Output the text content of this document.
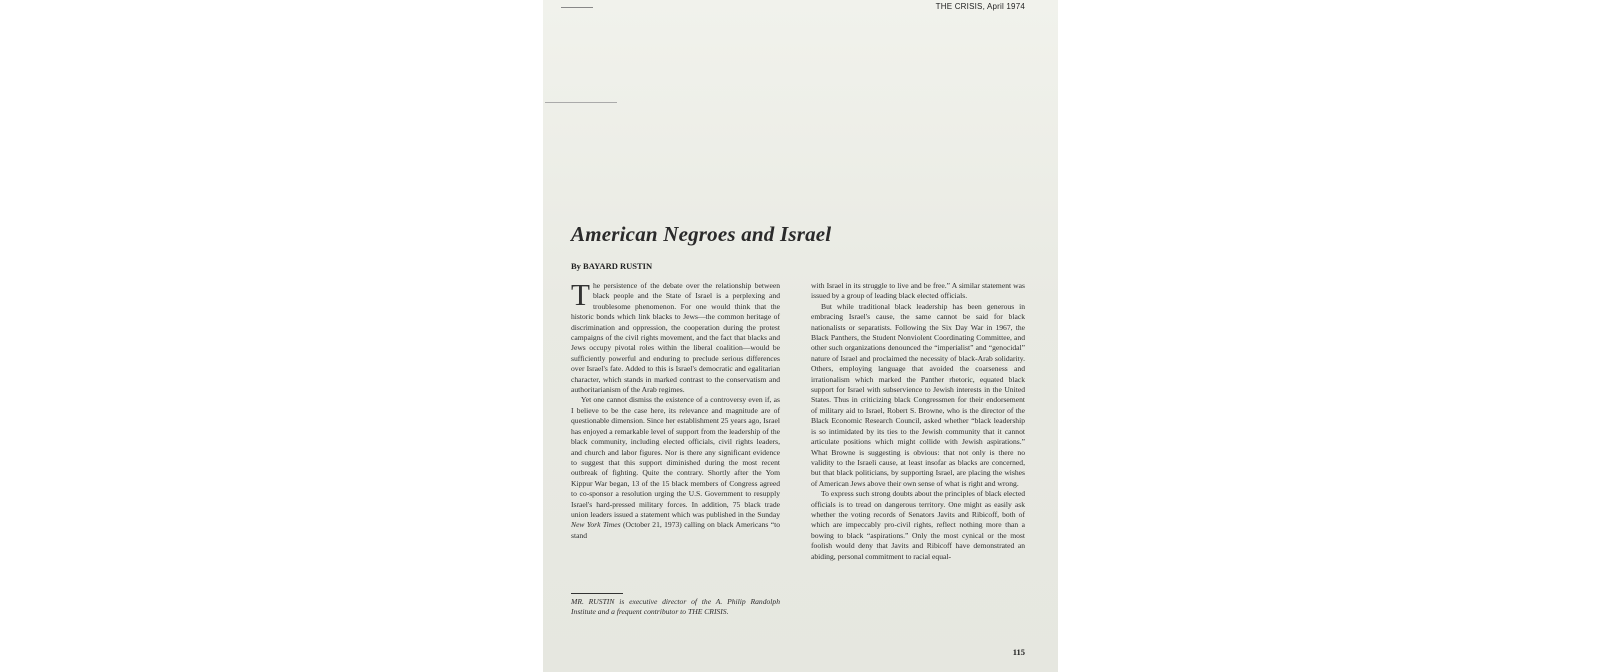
THE CRISIS, April 1974
American Negroes and Israel
By BAYARD RUSTIN

The persistence of the debate over the relationship between black people and the State of Israel is a perplexing and troublesome phenomenon. For one would think that the historic bonds which link blacks to Jews—the common heritage of discrimination and oppression, the cooperation during the protest campaigns of the civil rights movement, and the fact that blacks and Jews occupy pivotal roles within the liberal coalition—would be sufficiently powerful and enduring to preclude serious differences over Israel's fate. Added to this is Israel's democratic and egalitarian character, which stands in marked contrast to the conservatism and authoritarianism of the Arab regimes.

Yet one cannot dismiss the existence of a controversy even if, as I believe to be the case here, its relevance and magnitude are of questionable dimension. Since her establishment 25 years ago, Israel has enjoyed a remarkable level of support from the leadership of the black community, including elected officials, civil rights leaders, and church and labor figures. Nor is there any significant evidence to suggest that this support diminished during the most recent outbreak of fighting. Quite the contrary. Shortly after the Yom Kippur War began, 13 of the 15 black members of Congress agreed to co-sponsor a resolution urging the U.S. Government to resupply Israel's hard-pressed military forces. In addition, 75 black trade union leaders issued a statement which was published in the Sunday New York Times (October 21, 1973) calling on black Americans “to stand

with Israel in its struggle to live and be free.” A similar statement was issued by a group of leading black elected officials.

But while traditional black leadership has been generous in embracing Israel's cause, the same cannot be said for black nationalists or separatists. Following the Six Day War in 1967, the Black Panthers, the Student Nonviolent Coordinating Committee, and other such organizations denounced the “imperialist” and “genocidal” nature of Israel and proclaimed the necessity of black-Arab solidarity. Others, employing language that avoided the coarseness and irrationalism which marked the Panther rhetoric, equated black support for Israel with subservience to Jewish interests in the United States. Thus in criticizing black Congressmen for their endorsement of military aid to Israel, Robert S. Browne, who is the director of the Black Economic Research Council, asked whether “black leadership is so intimidated by its ties to the Jewish community that it cannot articulate positions which might collide with Jewish aspirations.” What Browne is suggesting is obvious: that not only is there no validity to the Israeli cause, at least insofar as blacks are concerned, but that black politicians, by supporting Israel, are placing the wishes of American Jews above their own sense of what is right and wrong.

To express such strong doubts about the principles of black elected officials is to tread on dangerous territory. One might as easily ask whether the voting records of Senators Javits and Ribicoff, both of which are impeccably pro-civil rights, reflect nothing more than a bowing to black “aspirations.” Only the most cynical or the most foolish would deny that Javits and Ribicoff have demonstrated an abiding, personal commitment to racial equal-

MR. RUSTIN is executive director of the A. Philip Randolph Institute and a frequent contributor to THE CRISIS.
115
